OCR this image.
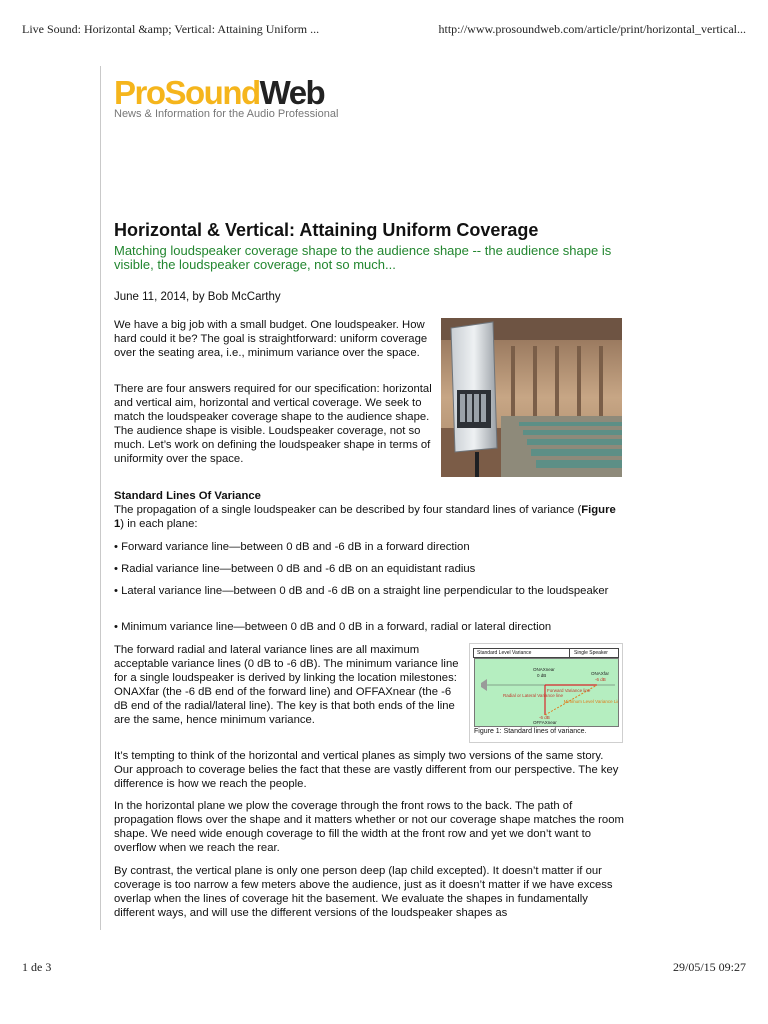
Live Sound: Horizontal &amp; Vertical: Attaining Uniform ...	http://www.prosoundweb.com/article/print/horizontal_vertical...
ProSoundWeb
News & Information for the Audio Professional
Horizontal & Vertical: Attaining Uniform Coverage

Matching loudspeaker coverage shape to the audience shape -- the audience shape is visible, the loudspeaker coverage, not so much...

June 11, 2014, by Bob McCarthy

We have a big job with a small budget. One loudspeaker. How hard could it be? The goal is straightforward: uniform coverage over the seating area, i.e., minimum variance over the space.

There are four answers required for our specification: horizontal and vertical aim, horizontal and vertical coverage. We seek to match the loudspeaker coverage shape to the audience shape. The audience shape is visible. Loudspeaker coverage, not so much. Let’s work on defining the loudspeaker shape in terms of uniformity over the space.

Standard Lines Of Variance
The propagation of a single loudspeaker can be described by four standard lines of variance (Figure 1) in each plane:

• Forward variance line—between 0 dB and -6 dB in a forward direction

• Radial variance line—between 0 dB and -6 dB on an equidistant radius

• Lateral variance line—between 0 dB and -6 dB on a straight line perpendicular to the loudspeaker

• Minimum variance line—between 0 dB and 0 dB in a forward, radial or lateral direction

The forward radial and lateral variance lines are all maximum acceptable variance lines (0 dB to -6 dB). The minimum variance line for a single loudspeaker is derived by linking the location milestones: ONAXfar (the -6 dB end of the forward line) and OFFAXnear (the -6 dB end of the radial/lateral line). The key is that both ends of the line are the same, hence minimum variance.

It’s tempting to think of the horizontal and vertical planes as simply two versions of the same story. Our approach to coverage belies the fact that these are vastly different from our perspective. The key difference is how we reach the people.

In the horizontal plane we plow the coverage through the front rows to the back. The path of propagation flows over the shape and it matters whether or not our coverage shape matches the room shape. We need wide enough coverage to fill the width at the front row and yet we don’t want to overflow when we reach the rear.

By contrast, the vertical plane is only one person deep (lap child excepted). It doesn’t matter if our coverage is too narrow a few meters above the audience, just as it doesn’t matter if we have excess overlap when the lines of coverage hit the basement. We evaluate the shapes in fundamentally different ways, and will use the different versions of the loudspeaker shapes as

Standard Level Variance	Single Speaker
ONAXnear
0 dB	ONAXfar
-6 dB
Forward Variance line
Radial or Lateral Variance line
Minimum Level Variance Line
-6 dB
OFFAXnear
Figure 1: Standard lines of variance.
1 de 3	29/05/15 09:27
